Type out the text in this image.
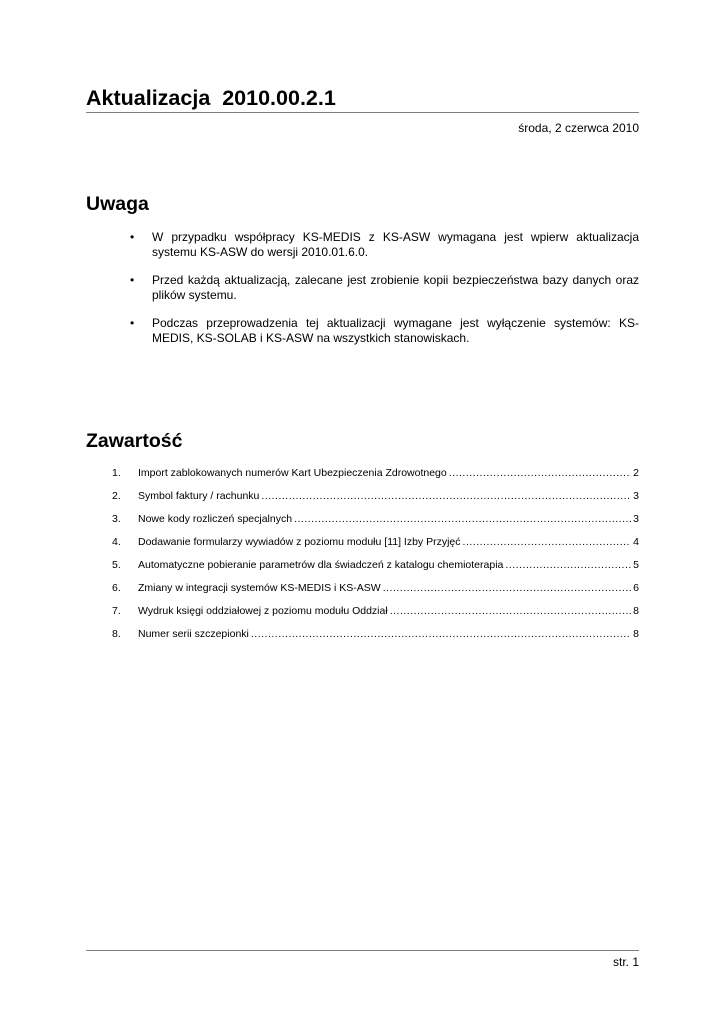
Aktualizacja  2010.00.2.1
środa, 2 czerwca 2010
Uwaga
•	W przypadku współpracy KS-MEDIS z KS-ASW wymagana jest wpierw aktualizacja systemu KS-ASW do wersji 2010.01.6.0.
•	Przed każdą aktualizacją, zalecane jest zrobienie kopii bezpieczeństwa bazy danych oraz plików systemu.
•	Podczas przeprowadzenia tej aktualizacji wymagane jest wyłączenie systemów: KS-MEDIS, KS-SOLAB i KS-ASW na wszystkich stanowiskach.
Zawartość
1. Import zablokowanych numerów Kart Ubezpieczenia Zdrowotnego .....	2
2. Symbol faktury / rachunku .....	3
3. Nowe kody rozliczeń specjalnych .....	3
4. Dodawanie formularzy wywiadów z poziomu modułu [11] Izby Przyjęć .....	4
5. Automatyczne pobieranie parametrów dla świadczeń z katalogu chemioterapia .....	5
6. Zmiany w integracji systemów KS-MEDIS i KS-ASW .....	6
7. Wydruk księgi oddziałowej z poziomu modułu Oddział .....	8
8. Numer serii szczepionki .....	8
str. 1
